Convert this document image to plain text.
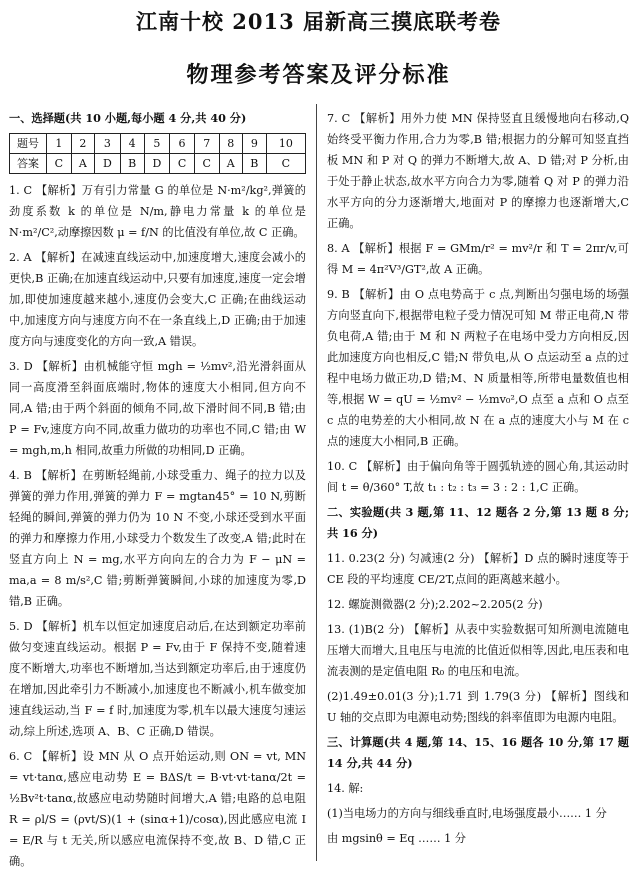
江南十校 2013 届新高三摸底联考卷
物理参考答案及评分标准

一、选择题(共 10 小题,每小题 4 分,共 40 分)

题号	1	2	3	4	5	6	7	8	9	10
答案	C	A	D	B	D	C	C	A	B	C

1. C 【解析】万有引力常量 G 的单位是 N·m²/kg²,弹簧的劲度系数 k 的单位是 N/m,静电力常量 k 的单位是 N·m²/C²,动摩擦因数 μ = f/N 的比值没有单位,故 C 正确。

2. A 【解析】在减速直线运动中,加速度增大,速度会减小的更快,B 正确;在加速直线运动中,只要有加速度,速度一定会增加,即使加速度越来越小,速度仍会变大,C 正确;在曲线运动中,加速度方向与速度方向不在一条直线上,D 正确;由于加速度方向与速度变化的方向一致,A 错误。

3. D 【解析】由机械能守恒 mgh = ½mv²,沿光滑斜面从同一高度滑至斜面底端时,物体的速度大小相同,但方向不同,A 错;由于两个斜面的倾角不同,故下滑时间不同,B 错;由 P = Fv,速度方向不同,故重力做功的功率也不同,C 错;由 W = mgh,m,h 相同,故重力所做的功相同,D 正确。

4. B 【解析】在剪断轻绳前,小球受重力、绳子的拉力以及弹簧的弹力作用,弹簧的弹力 F = mgtan45° = 10 N,剪断轻绳的瞬间,弹簧的弹力仍为 10 N 不变,小球还受到水平面的弹力和摩擦力作用,小球受力个数发生了改变,A 错;此时在竖直方向上 N = mg,水平方向向左的合力为 F − μN = ma,a = 8 m/s²,C 错;剪断弹簧瞬间,小球的加速度为零,D 错,B 正确。

5. D 【解析】机车以恒定加速度启动后,在达到额定功率前做匀变速直线运动。根据 P = Fv,由于 F 保持不变,随着速度不断增大,功率也不断增加,当达到额定功率后,由于速度仍在增加,因此牵引力不断减小,加速度也不断减小,机车做变加速直线运动,当 F = f 时,加速度为零,机车以最大速度匀速运动,综上所述,选项 A、B、C 正确,D 错误。

6. C 【解析】设 MN 从 O 点开始运动,则 ON = vt, MN = vt·tanα,感应电动势 E = BΔS/t = B·vt·vt·tanα/2t = ½Bv²t·tanα,故感应电动势随时间增大,A 错;电路的总电阻 R = ρl/S = (ρvt/S)(1 + (sinα+1)/cosα),因此感应电流 I = E/R 与 t 无关,所以感应电流保持不变,故 B、D 错,C 正确。

7. C 【解析】用外力使 MN 保持竖直且缓慢地向右移动,Q 始终受平衡力作用,合力为零,B 错;根据力的分解可知竖直挡板 MN 和 P 对 Q 的弹力不断增大,故 A、D 错;对 P 分析,由于处于静止状态,故水平方向合力为零,随着 Q 对 P 的弹力沿水平方向的分力逐渐增大,地面对 P 的摩擦力也逐渐增大,C 正确。

8. A 【解析】根据 F = GMm/r² = mv²/r 和 T = 2πr/v,可得 M = 4π²V³/GT²,故 A 正确。

9. B 【解析】由 O 点电势高于 c 点,判断出匀强电场的场强方向竖直向下,根据带电粒子受力情况可知 M 带正电荷,N 带负电荷,A 错;由于 M 和 N 两粒子在电场中受力方向相反,因此加速度方向也相反,C 错;N 带负电,从 O 点运动至 a 点的过程中电场力做正功,D 错;M、N 质量相等,所带电量数值也相等,根据 W = qU = ½mv² − ½mv₀²,O 点至 a 点和 O 点至 c 点的电势差的大小相同,故 N 在 a 点的速度大小与 M 在 c 点的速度大小相同,B 正确。

10. C 【解析】由于偏向角等于圆弧轨迹的圆心角,其运动时间 t = θ/360° T,故 t₁ : t₂ : t₃ = 3 : 2 : 1,C 正确。

二、实验题(共 3 题,第 11、12 题各 2 分,第 13 题 8 分;共 16 分)

11. 0.23(2 分) 匀减速(2 分) 【解析】D 点的瞬时速度等于 CE 段的平均速度 CE/2T,点间的距离越来越小。

12. 螺旋测微器(2 分);2.202~2.205(2 分)

13. (1)B(2 分) 【解析】从表中实验数据可知所测电流随电压增大而增大,且电压与电流的比值近似相等,因此,电压表和电流表测的是定值电阻 R₀ 的电压和电流。

(2)1.49±0.01(3 分);1.71 到 1.79(3 分) 【解析】图线和 U 轴的交点即为电源电动势;图线的斜率值即为电源内电阻。

三、计算题(共 4 题,第 14、15、16 题各 10 分,第 17 题 14 分,共 44 分)

14. 解:

(1)当电场力的方向与细线垂直时,电场强度最小…… 1 分

由 mgsinθ = Eq …… 1 分
